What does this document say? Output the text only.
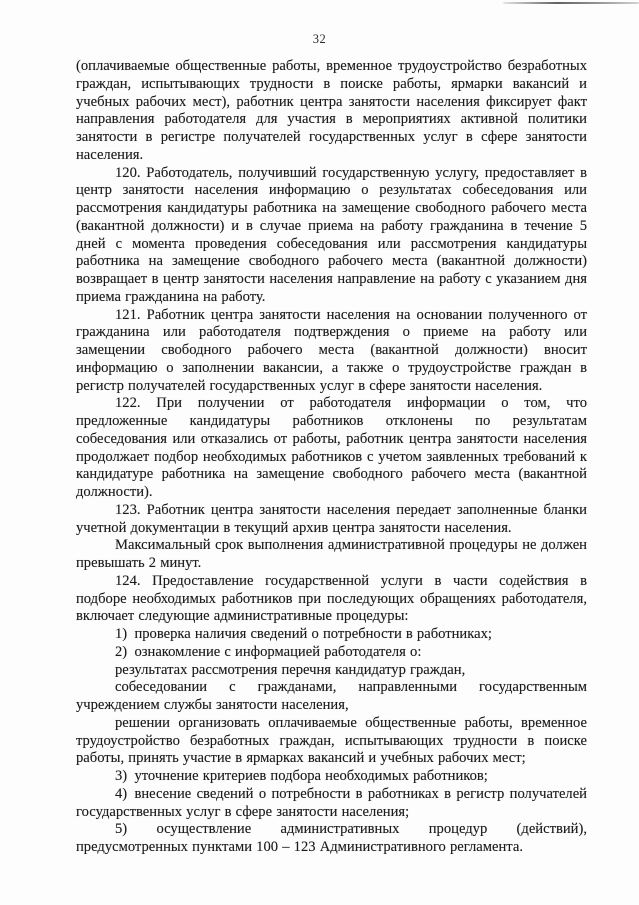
32

(оплачиваемые общественные работы, временное трудоустройство безработных граждан, испытывающих трудности в поиске работы, ярмарки вакансий и учебных рабочих мест), работник центра занятости населения фиксирует факт направления работодателя для участия в мероприятиях активной политики занятости в регистре получателей государственных услуг в сфере занятости населения.

120. Работодатель, получивший государственную услугу, предоставляет в центр занятости населения информацию о результатах собеседования или рассмотрения кандидатуры работника на замещение свободного рабочего места (вакантной должности) и в случае приема на работу гражданина в течение 5 дней с момента проведения собеседования или рассмотрения кандидатуры работника на замещение свободного рабочего места (вакантной должности) возвращает в центр занятости населения направление на работу с указанием дня приема гражданина на работу.

121. Работник центра занятости населения на основании полученного от гражданина или работодателя подтверждения о приеме на работу или замещении свободного рабочего места (вакантной должности) вносит информацию о заполнении вакансии, а также о трудоустройстве граждан в регистр получателей государственных услуг в сфере занятости населения.

122. При получении от работодателя информации о том, что предложенные кандидатуры работников отклонены по результатам собеседования или отказались от работы, работник центра занятости населения продолжает подбор необходимых работников с учетом заявленных требований к кандидатуре работника на замещение свободного рабочего места (вакантной должности).

123. Работник центра занятости населения передает заполненные бланки учетной документации в текущий архив центра занятости населения.

Максимальный срок выполнения административной процедуры не должен превышать 2 минут.

124. Предоставление государственной услуги в части содействия в подборе необходимых работников при последующих обращениях работодателя, включает следующие административные процедуры:

1) проверка наличия сведений о потребности в работниках;

2) ознакомление с информацией работодателя о:

результатах рассмотрения перечня кандидатур граждан,

собеседовании с гражданами, направленными государственным учреждением службы занятости населения,

решении организовать оплачиваемые общественные работы, временное трудоустройство безработных граждан, испытывающих трудности в поиске работы, принять участие в ярмарках вакансий и учебных рабочих мест;

3) уточнение критериев подбора необходимых работников;

4) внесение сведений о потребности в работниках в регистр получателей государственных услуг в сфере занятости населения;

5) осуществление административных процедур (действий), предусмотренных пунктами 100 – 123 Административного регламента.
